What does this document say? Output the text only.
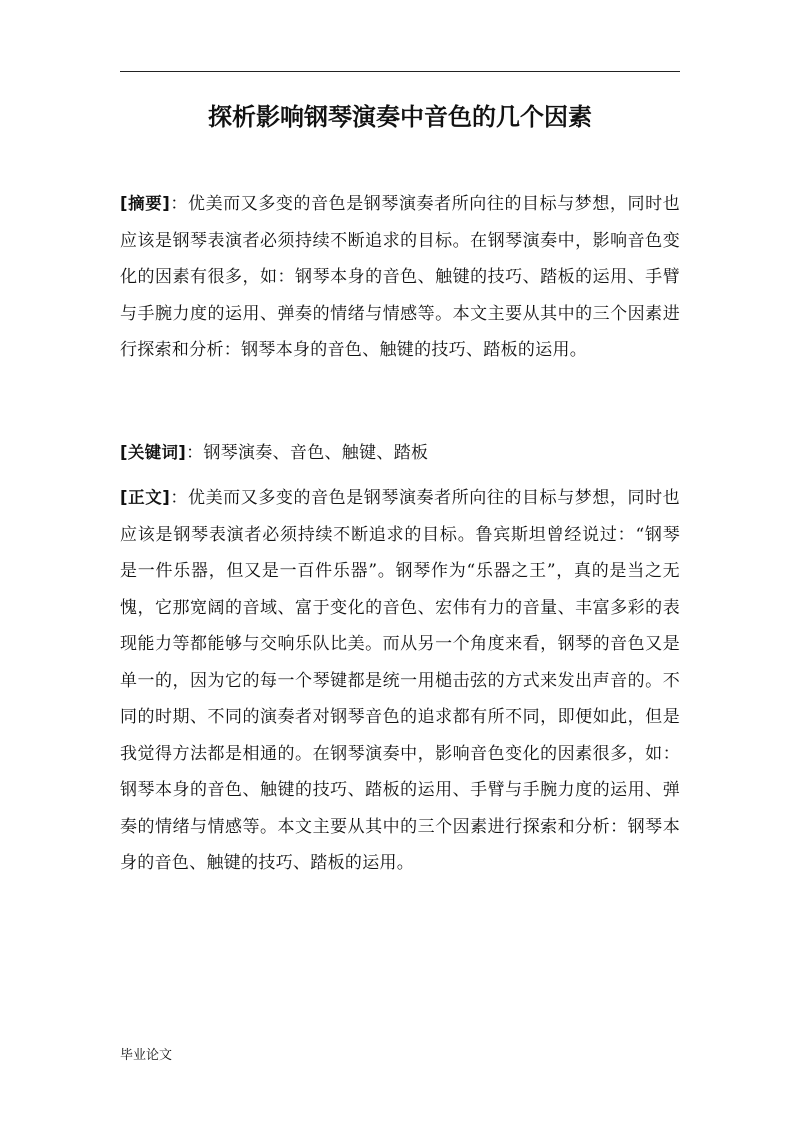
探析影响钢琴演奏中音色的几个因素

[摘要]：优美而又多变的音色是钢琴演奏者所向往的目标与梦想，同时也应该是钢琴表演者必须持续不断追求的目标。在钢琴演奏中，影响音色变化的因素有很多，如：钢琴本身的音色、触键的技巧、踏板的运用、手臂与手腕力度的运用、弹奏的情绪与情感等。本文主要从其中的三个因素进行探索和分析：钢琴本身的音色、触键的技巧、踏板的运用。

[关键词]：钢琴演奏、音色、触键、踏板

[正文]：优美而又多变的音色是钢琴演奏者所向往的目标与梦想，同时也应该是钢琴表演者必须持续不断追求的目标。鲁宾斯坦曾经说过：“钢琴是一件乐器，但又是一百件乐器”。钢琴作为“乐器之王”，真的是当之无愧，它那宽阔的音域、富于变化的音色、宏伟有力的音量、丰富多彩的表现能力等都能够与交响乐队比美。而从另一个角度来看，钢琴的音色又是单一的，因为它的每一个琴键都是统一用槌击弦的方式来发出声音的。不同的时期、不同的演奏者对钢琴音色的追求都有所不同，即便如此，但是我觉得方法都是相通的。在钢琴演奏中，影响音色变化的因素很多，如：钢琴本身的音色、触键的技巧、踏板的运用、手臂与手腕力度的运用、弹奏的情绪与情感等。本文主要从其中的三个因素进行探索和分析：钢琴本身的音色、触键的技巧、踏板的运用。

毕业论文
